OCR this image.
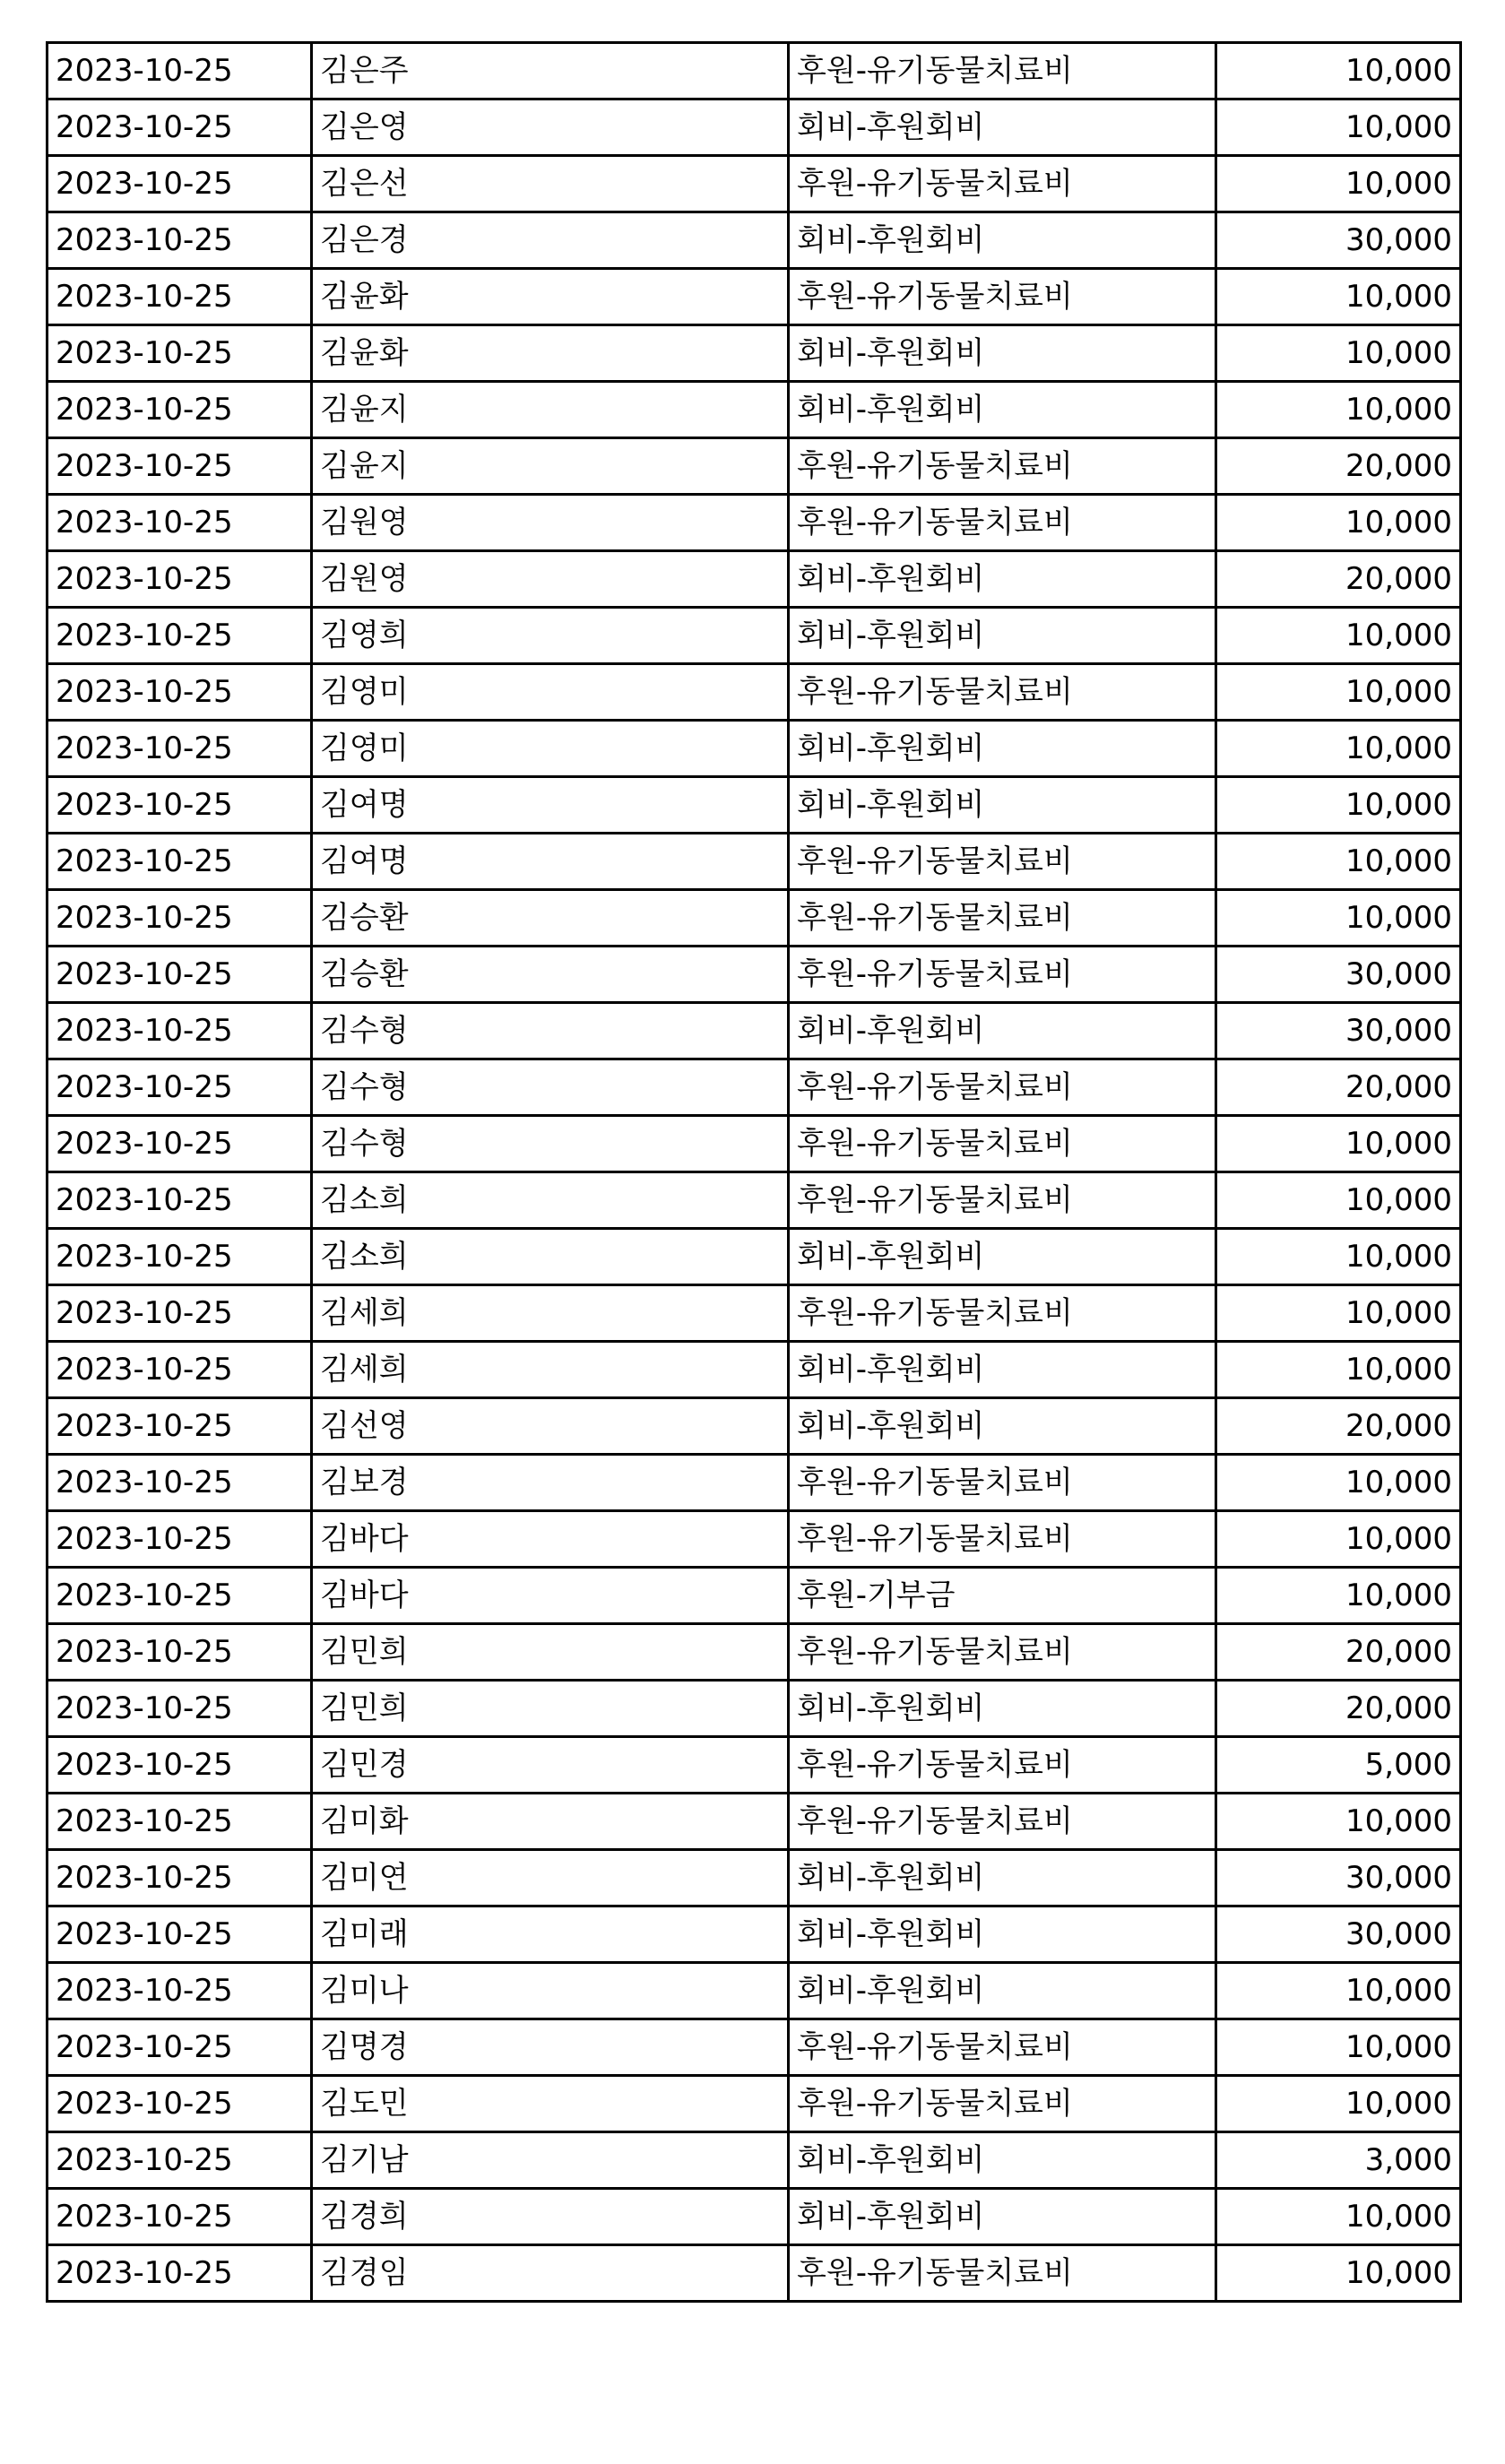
2023-10-25	김은주	후원-유기동물치료비	10,000
2023-10-25	김은영	회비-후원회비	10,000
2023-10-25	김은선	후원-유기동물치료비	10,000
2023-10-25	김은경	회비-후원회비	30,000
2023-10-25	김윤화	후원-유기동물치료비	10,000
2023-10-25	김윤화	회비-후원회비	10,000
2023-10-25	김윤지	회비-후원회비	10,000
2023-10-25	김윤지	후원-유기동물치료비	20,000
2023-10-25	김원영	후원-유기동물치료비	10,000
2023-10-25	김원영	회비-후원회비	20,000
2023-10-25	김영희	회비-후원회비	10,000
2023-10-25	김영미	후원-유기동물치료비	10,000
2023-10-25	김영미	회비-후원회비	10,000
2023-10-25	김여명	회비-후원회비	10,000
2023-10-25	김여명	후원-유기동물치료비	10,000
2023-10-25	김승환	후원-유기동물치료비	10,000
2023-10-25	김승환	후원-유기동물치료비	30,000
2023-10-25	김수형	회비-후원회비	30,000
2023-10-25	김수형	후원-유기동물치료비	20,000
2023-10-25	김수형	후원-유기동물치료비	10,000
2023-10-25	김소희	후원-유기동물치료비	10,000
2023-10-25	김소희	회비-후원회비	10,000
2023-10-25	김세희	후원-유기동물치료비	10,000
2023-10-25	김세희	회비-후원회비	10,000
2023-10-25	김선영	회비-후원회비	20,000
2023-10-25	김보경	후원-유기동물치료비	10,000
2023-10-25	김바다	후원-유기동물치료비	10,000
2023-10-25	김바다	후원-기부금	10,000
2023-10-25	김민희	후원-유기동물치료비	20,000
2023-10-25	김민희	회비-후원회비	20,000
2023-10-25	김민경	후원-유기동물치료비	5,000
2023-10-25	김미화	후원-유기동물치료비	10,000
2023-10-25	김미연	회비-후원회비	30,000
2023-10-25	김미래	회비-후원회비	30,000
2023-10-25	김미나	회비-후원회비	10,000
2023-10-25	김명경	후원-유기동물치료비	10,000
2023-10-25	김도민	후원-유기동물치료비	10,000
2023-10-25	김기남	회비-후원회비	3,000
2023-10-25	김경희	회비-후원회비	10,000
2023-10-25	김경임	후원-유기동물치료비	10,000
